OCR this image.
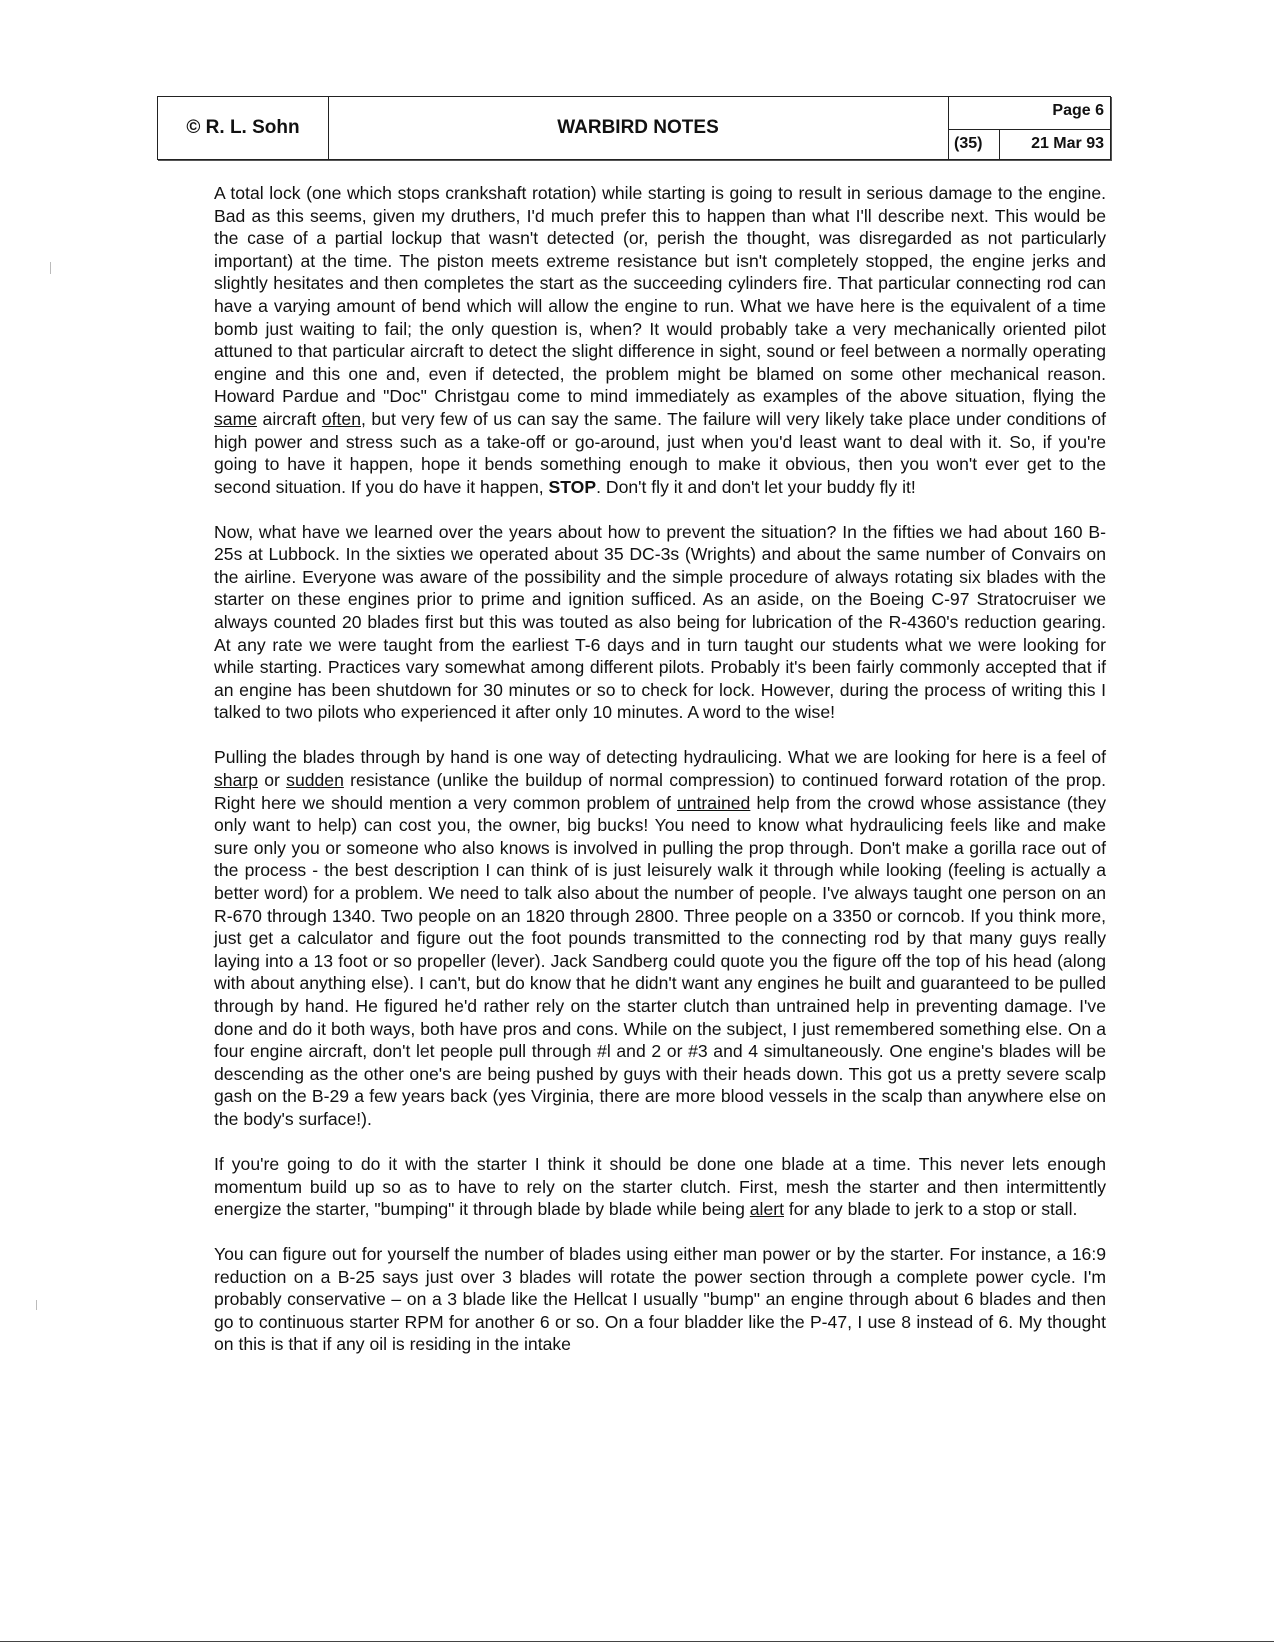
© R. L. Sohn	WARBIRD NOTES
Page 6
(35)	21 Mar 93

A total lock (one which stops crankshaft rotation) while starting is going to result in serious damage to the engine. Bad as this seems, given my druthers, I'd much prefer this to happen than what I'll describe next. This would be the case of a partial lockup that wasn't detected (or, perish the thought, was disregarded as not particularly important) at the time. The piston meets extreme resistance but isn't completely stopped, the engine jerks and slightly hesitates and then completes the start as the succeeding cylinders fire. That particular connecting rod can have a varying amount of bend which will allow the engine to run. What we have here is the equivalent of a time bomb just waiting to fail; the only question is, when? It would probably take a very mechanically oriented pilot attuned to that particular aircraft to detect the slight difference in sight, sound or feel between a normally operating engine and this one and, even if detected, the problem might be blamed on some other mechanical reason. Howard Pardue and "Doc" Christgau come to mind immediately as examples of the above situation, flying the same aircraft often, but very few of us can say the same. The failure will very likely take place under conditions of high power and stress such as a take-off or go-around, just when you'd least want to deal with it. So, if you're going to have it happen, hope it bends something enough to make it obvious, then you won't ever get to the second situation. If you do have it happen, STOP. Don't fly it and don't let your buddy fly it!

Now, what have we learned over the years about how to prevent the situation? In the fifties we had about 160 B-25s at Lubbock. In the sixties we operated about 35 DC-3s (Wrights) and about the same number of Convairs on the airline. Everyone was aware of the possibility and the simple procedure of always rotating six blades with the starter on these engines prior to prime and ignition sufficed. As an aside, on the Boeing C-97 Stratocruiser we always counted 20 blades first but this was touted as also being for lubrication of the R-4360's reduction gearing. At any rate we were taught from the earliest T-6 days and in turn taught our students what we were looking for while starting. Practices vary somewhat among different pilots. Probably it's been fairly commonly accepted that if an engine has been shutdown for 30 minutes or so to check for lock. However, during the process of writing this I talked to two pilots who experienced it after only 10 minutes. A word to the wise!

Pulling the blades through by hand is one way of detecting hydraulicing. What we are looking for here is a feel of sharp or sudden resistance (unlike the buildup of normal compression) to continued forward rotation of the prop. Right here we should mention a very common problem of untrained help from the crowd whose assistance (they only want to help) can cost you, the owner, big bucks! You need to know what hydraulicing feels like and make sure only you or someone who also knows is involved in pulling the prop through. Don't make a gorilla race out of the process - the best description I can think of is just leisurely walk it through while looking (feeling is actually a better word) for a problem. We need to talk also about the number of people. I've always taught one person on an R-670 through 1340. Two people on an 1820 through 2800. Three people on a 3350 or corncob. If you think more, just get a calculator and figure out the foot pounds transmitted to the connecting rod by that many guys really laying into a 13 foot or so propeller (lever). Jack Sandberg could quote you the figure off the top of his head (along with about anything else). I can't, but do know that he didn't want any engines he built and guaranteed to be pulled through by hand. He figured he'd rather rely on the starter clutch than untrained help in preventing damage. I've done and do it both ways, both have pros and cons. While on the subject, I just remembered something else. On a four engine aircraft, don't let people pull through #l and 2 or #3 and 4 simultaneously. One engine's blades will be descending as the other one's are being pushed by guys with their heads down. This got us a pretty severe scalp gash on the B-29 a few years back (yes Virginia, there are more blood vessels in the scalp than anywhere else on the body's surface!).

If you're going to do it with the starter I think it should be done one blade at a time. This never lets enough momentum build up so as to have to rely on the starter clutch. First, mesh the starter and then intermittently energize the starter, "bumping" it through blade by blade while being alert for any blade to jerk to a stop or stall.

You can figure out for yourself the number of blades using either man power or by the starter. For instance, a 16:9 reduction on a B-25 says just over 3 blades will rotate the power section through a complete power cycle. I'm probably conservative – on a 3 blade like the Hellcat I usually "bump" an engine through about 6 blades and then go to continuous starter RPM for another 6 or so. On a four bladder like the P-47, I use 8 instead of 6. My thought on this is that if any oil is residing in the intake
